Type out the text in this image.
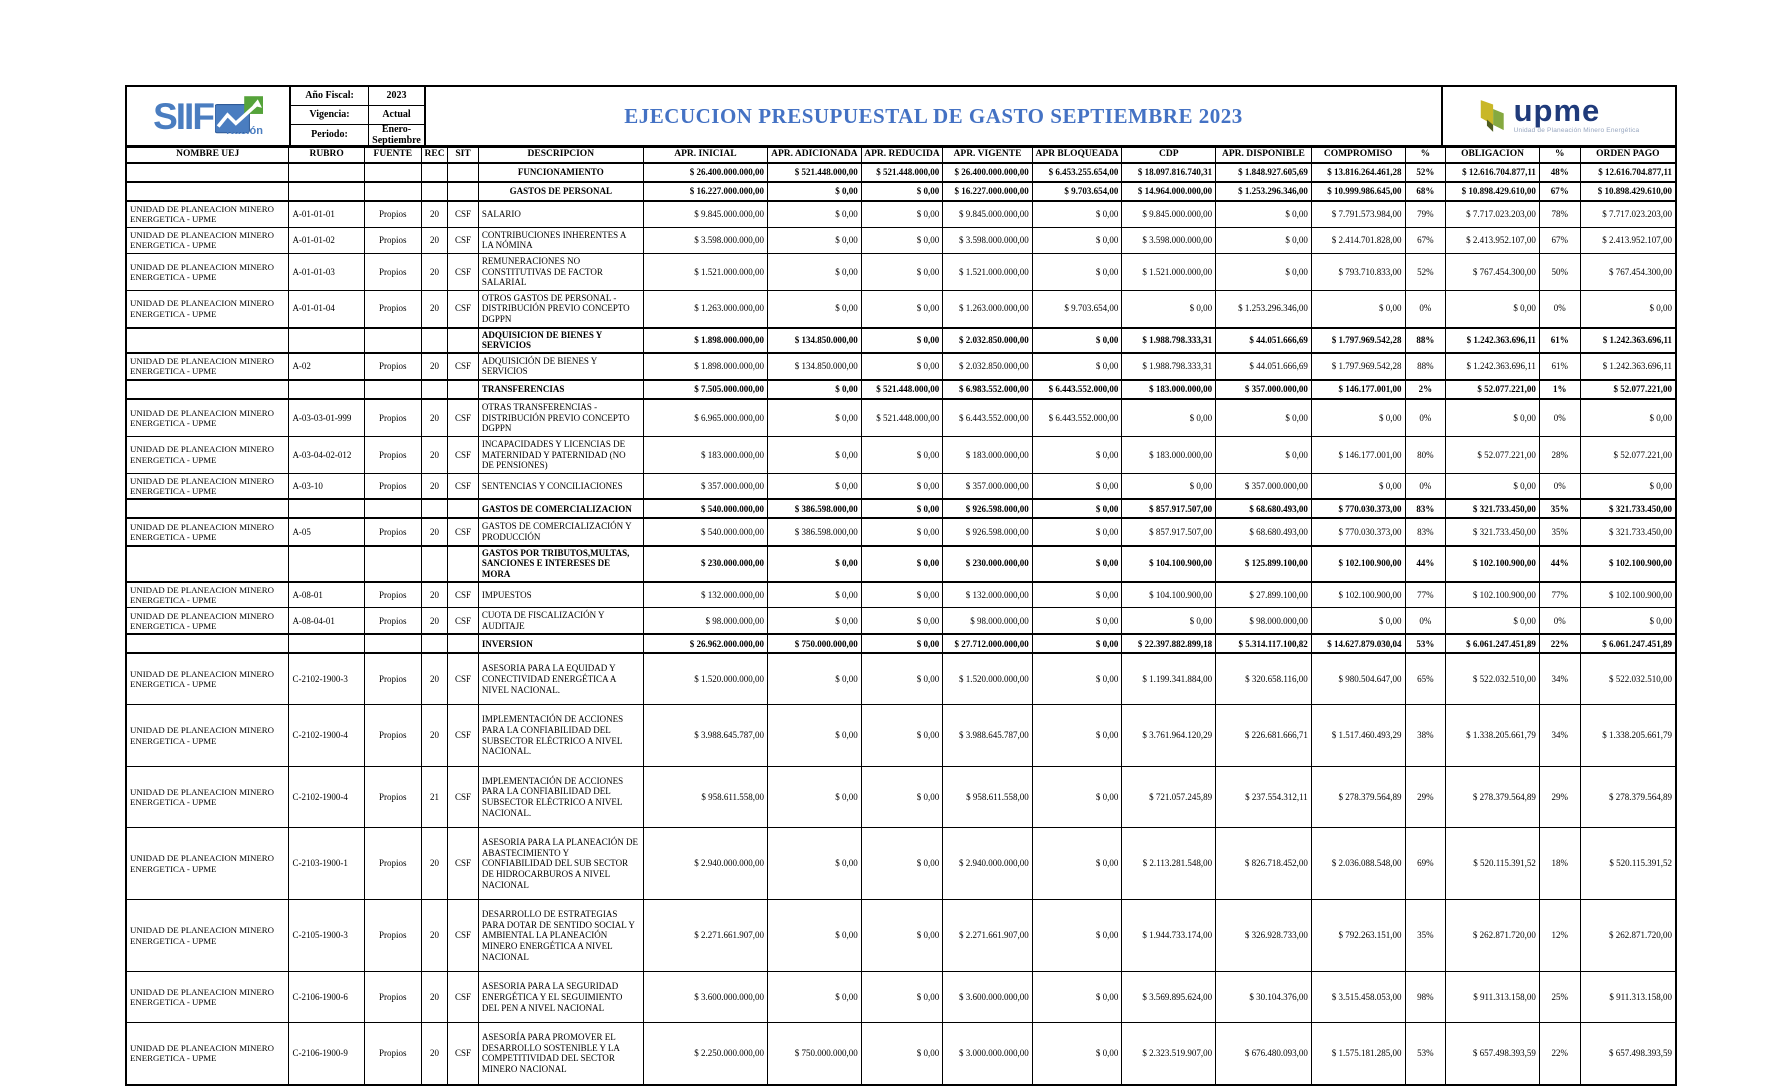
SIIF Nación
Año Fiscal:	2023
Vigencia:	Actual
Periodo:	Enero-Septiembre
EJECUCION PRESUPUESTAL DE GASTO SEPTIEMBRE 2023	upme
Unidad de Planeación Minero Energética
NOMBRE UEJ	RUBRO	FUENTE	REC	SIT	DESCRIPCION	APR. INICIAL	APR. ADICIONADA	APR. REDUCIDA	APR. VIGENTE	APR BLOQUEADA	CDP	APR. DISPONIBLE	COMPROMISO	%	OBLIGACION	%	ORDEN PAGO
					FUNCIONAMIENTO	$ 26.400.000.000,00	$ 521.448.000,00	$ 521.448.000,00	$ 26.400.000.000,00	$ 6.453.255.654,00	$ 18.097.816.740,31	$ 1.848.927.605,69	$ 13.816.264.461,28	52%	$ 12.616.704.877,11	48%	$ 12.616.704.877,11
					GASTOS DE PERSONAL	$ 16.227.000.000,00	$ 0,00	$ 0,00	$ 16.227.000.000,00	$ 9.703.654,00	$ 14.964.000.000,00	$ 1.253.296.346,00	$ 10.999.986.645,00	68%	$ 10.898.429.610,00	67%	$ 10.898.429.610,00
UNIDAD DE PLANEACION MINERO ENERGETICA - UPME	A-01-01-01	Propios	20	CSF	SALARIO	$ 9.845.000.000,00	$ 0,00	$ 0,00	$ 9.845.000.000,00	$ 0,00	$ 9.845.000.000,00	$ 0,00	$ 7.791.573.984,00	79%	$ 7.717.023.203,00	78%	$ 7.717.023.203,00
UNIDAD DE PLANEACION MINERO ENERGETICA - UPME	A-01-01-02	Propios	20	CSF	CONTRIBUCIONES INHERENTES A LA NÓMINA	$ 3.598.000.000,00	$ 0,00	$ 0,00	$ 3.598.000.000,00	$ 0,00	$ 3.598.000.000,00	$ 0,00	$ 2.414.701.828,00	67%	$ 2.413.952.107,00	67%	$ 2.413.952.107,00
UNIDAD DE PLANEACION MINERO ENERGETICA - UPME	A-01-01-03	Propios	20	CSF	REMUNERACIONES NO CONSTITUTIVAS DE FACTOR SALARIAL	$ 1.521.000.000,00	$ 0,00	$ 0,00	$ 1.521.000.000,00	$ 0,00	$ 1.521.000.000,00	$ 0,00	$ 793.710.833,00	52%	$ 767.454.300,00	50%	$ 767.454.300,00
UNIDAD DE PLANEACION MINERO ENERGETICA - UPME	A-01-01-04	Propios	20	CSF	OTROS GASTOS DE PERSONAL - DISTRIBUCIÓN PREVIO CONCEPTO DGPPN	$ 1.263.000.000,00	$ 0,00	$ 0,00	$ 1.263.000.000,00	$ 9.703.654,00	$ 0,00	$ 1.253.296.346,00	$ 0,00	0%	$ 0,00	0%	$ 0,00
					ADQUISICION DE BIENES Y SERVICIOS	$ 1.898.000.000,00	$ 134.850.000,00	$ 0,00	$ 2.032.850.000,00	$ 0,00	$ 1.988.798.333,31	$ 44.051.666,69	$ 1.797.969.542,28	88%	$ 1.242.363.696,11	61%	$ 1.242.363.696,11
UNIDAD DE PLANEACION MINERO ENERGETICA - UPME	A-02	Propios	20	CSF	ADQUISICIÓN DE BIENES Y SERVICIOS	$ 1.898.000.000,00	$ 134.850.000,00	$ 0,00	$ 2.032.850.000,00	$ 0,00	$ 1.988.798.333,31	$ 44.051.666,69	$ 1.797.969.542,28	88%	$ 1.242.363.696,11	61%	$ 1.242.363.696,11
					TRANSFERENCIAS	$ 7.505.000.000,00	$ 0,00	$ 521.448.000,00	$ 6.983.552.000,00	$ 6.443.552.000,00	$ 183.000.000,00	$ 357.000.000,00	$ 146.177.001,00	2%	$ 52.077.221,00	1%	$ 52.077.221,00
UNIDAD DE PLANEACION MINERO ENERGETICA - UPME	A-03-03-01-999	Propios	20	CSF	OTRAS TRANSFERENCIAS - DISTRIBUCIÓN PREVIO CONCEPTO DGPPN	$ 6.965.000.000,00	$ 0,00	$ 521.448.000,00	$ 6.443.552.000,00	$ 6.443.552.000,00	$ 0,00	$ 0,00	$ 0,00	0%	$ 0,00	0%	$ 0,00
UNIDAD DE PLANEACION MINERO ENERGETICA - UPME	A-03-04-02-012	Propios	20	CSF	INCAPACIDADES Y LICENCIAS DE MATERNIDAD Y PATERNIDAD (NO DE PENSIONES)	$ 183.000.000,00	$ 0,00	$ 0,00	$ 183.000.000,00	$ 0,00	$ 183.000.000,00	$ 0,00	$ 146.177.001,00	80%	$ 52.077.221,00	28%	$ 52.077.221,00
UNIDAD DE PLANEACION MINERO ENERGETICA - UPME	A-03-10	Propios	20	CSF	SENTENCIAS Y CONCILIACIONES	$ 357.000.000,00	$ 0,00	$ 0,00	$ 357.000.000,00	$ 0,00	$ 0,00	$ 357.000.000,00	$ 0,00	0%	$ 0,00	0%	$ 0,00
					GASTOS DE COMERCIALIZACION	$ 540.000.000,00	$ 386.598.000,00	$ 0,00	$ 926.598.000,00	$ 0,00	$ 857.917.507,00	$ 68.680.493,00	$ 770.030.373,00	83%	$ 321.733.450,00	35%	$ 321.733.450,00
UNIDAD DE PLANEACION MINERO ENERGETICA - UPME	A-05	Propios	20	CSF	GASTOS DE COMERCIALIZACIÓN Y PRODUCCIÓN	$ 540.000.000,00	$ 386.598.000,00	$ 0,00	$ 926.598.000,00	$ 0,00	$ 857.917.507,00	$ 68.680.493,00	$ 770.030.373,00	83%	$ 321.733.450,00	35%	$ 321.733.450,00
					GASTOS POR TRIBUTOS,MULTAS, SANCIONES E INTERESES DE MORA	$ 230.000.000,00	$ 0,00	$ 0,00	$ 230.000.000,00	$ 0,00	$ 104.100.900,00	$ 125.899.100,00	$ 102.100.900,00	44%	$ 102.100.900,00	44%	$ 102.100.900,00
UNIDAD DE PLANEACION MINERO ENERGETICA - UPME	A-08-01	Propios	20	CSF	IMPUESTOS	$ 132.000.000,00	$ 0,00	$ 0,00	$ 132.000.000,00	$ 0,00	$ 104.100.900,00	$ 27.899.100,00	$ 102.100.900,00	77%	$ 102.100.900,00	77%	$ 102.100.900,00
UNIDAD DE PLANEACION MINERO ENERGETICA - UPME	A-08-04-01	Propios	20	CSF	CUOTA DE FISCALIZACIÓN Y AUDITAJE	$ 98.000.000,00	$ 0,00	$ 0,00	$ 98.000.000,00	$ 0,00	$ 0,00	$ 98.000.000,00	$ 0,00	0%	$ 0,00	0%	$ 0,00
					INVERSION	$ 26.962.000.000,00	$ 750.000.000,00	$ 0,00	$ 27.712.000.000,00	$ 0,00	$ 22.397.882.899,18	$ 5.314.117.100,82	$ 14.627.879.030,04	53%	$ 6.061.247.451,89	22%	$ 6.061.247.451,89
UNIDAD DE PLANEACION MINERO ENERGETICA - UPME	C-2102-1900-3	Propios	20	CSF	ASESORIA PARA LA EQUIDAD Y CONECTIVIDAD ENERGÉTICA A NIVEL NACIONAL.	$ 1.520.000.000,00	$ 0,00	$ 0,00	$ 1.520.000.000,00	$ 0,00	$ 1.199.341.884,00	$ 320.658.116,00	$ 980.504.647,00	65%	$ 522.032.510,00	34%	$ 522.032.510,00
UNIDAD DE PLANEACION MINERO ENERGETICA - UPME	C-2102-1900-4	Propios	20	CSF	IMPLEMENTACIÓN DE ACCIONES PARA LA CONFIABILIDAD DEL SUBSECTOR ELÉCTRICO A NIVEL NACIONAL.	$ 3.988.645.787,00	$ 0,00	$ 0,00	$ 3.988.645.787,00	$ 0,00	$ 3.761.964.120,29	$ 226.681.666,71	$ 1.517.460.493,29	38%	$ 1.338.205.661,79	34%	$ 1.338.205.661,79
UNIDAD DE PLANEACION MINERO ENERGETICA - UPME	C-2102-1900-4	Propios	21	CSF	IMPLEMENTACIÓN DE ACCIONES PARA LA CONFIABILIDAD DEL SUBSECTOR ELÉCTRICO A NIVEL NACIONAL.	$ 958.611.558,00	$ 0,00	$ 0,00	$ 958.611.558,00	$ 0,00	$ 721.057.245,89	$ 237.554.312,11	$ 278.379.564,89	29%	$ 278.379.564,89	29%	$ 278.379.564,89
UNIDAD DE PLANEACION MINERO ENERGETICA - UPME	C-2103-1900-1	Propios	20	CSF	ASESORIA PARA LA PLANEACIÓN DE ABASTECIMIENTO Y CONFIABILIDAD DEL SUB SECTOR DE HIDROCARBUROS A NIVEL NACIONAL	$ 2.940.000.000,00	$ 0,00	$ 0,00	$ 2.940.000.000,00	$ 0,00	$ 2.113.281.548,00	$ 826.718.452,00	$ 2.036.088.548,00	69%	$ 520.115.391,52	18%	$ 520.115.391,52
UNIDAD DE PLANEACION MINERO ENERGETICA - UPME	C-2105-1900-3	Propios	20	CSF	DESARROLLO DE ESTRATEGIAS PARA DOTAR DE SENTIDO SOCIAL Y AMBIENTAL LA PLANEACIÓN MINERO ENERGÉTICA A NIVEL NACIONAL	$ 2.271.661.907,00	$ 0,00	$ 0,00	$ 2.271.661.907,00	$ 0,00	$ 1.944.733.174,00	$ 326.928.733,00	$ 792.263.151,00	35%	$ 262.871.720,00	12%	$ 262.871.720,00
UNIDAD DE PLANEACION MINERO ENERGETICA - UPME	C-2106-1900-6	Propios	20	CSF	ASESORIA PARA LA SEGURIDAD ENERGÉTICA Y EL SEGUIMIENTO DEL PEN A NIVEL NACIONAL	$ 3.600.000.000,00	$ 0,00	$ 0,00	$ 3.600.000.000,00	$ 0,00	$ 3.569.895.624,00	$ 30.104.376,00	$ 3.515.458.053,00	98%	$ 911.313.158,00	25%	$ 911.313.158,00
UNIDAD DE PLANEACION MINERO ENERGETICA - UPME	C-2106-1900-9	Propios	20	CSF	ASESORÍA PARA PROMOVER EL DESARROLLO SOSTENIBLE Y LA COMPETITIVIDAD DEL SECTOR MINERO NACIONAL	$ 2.250.000.000,00	$ 750.000.000,00	$ 0,00	$ 3.000.000.000,00	$ 0,00	$ 2.323.519.907,00	$ 676.480.093,00	$ 1.575.181.285,00	53%	$ 657.498.393,59	22%	$ 657.498.393,59
